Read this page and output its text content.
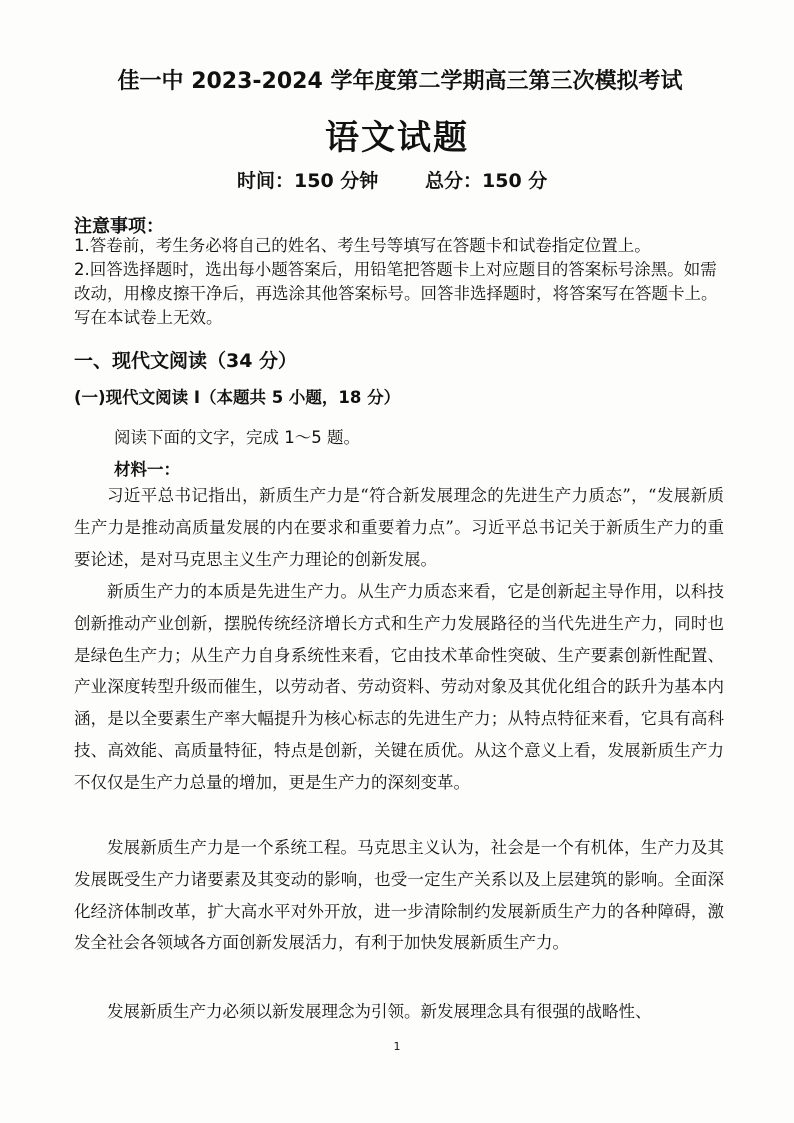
佳一中 2023-2024 学年度第二学期高三第三次模拟考试
语文试题
时间：150 分钟 总分：150 分
注意事项：
1.答卷前，考生务必将自己的姓名、考生号等填写在答题卡和试卷指定位置上。
2.回答选择题时，选出每小题答案后，用铅笔把答题卡上对应题目的答案标号涂黑。如需改动，用橡皮擦干净后，再选涂其他答案标号。回答非选择题时，将答案写在答题卡上。写在本试卷上无效。
一、现代文阅读（34 分）
(一)现代文阅读 I（本题共 5 小题，18 分）
阅读下面的文字，完成 1～5 题。
材料一：
习近平总书记指出，新质生产力是“符合新发展理念的先进生产力质态”，“发展新质生产力是推动高质量发展的内在要求和重要着力点”。习近平总书记关于新质生产力的重要论述，是对马克思主义生产力理论的创新发展。
新质生产力的本质是先进生产力。从生产力质态来看，它是创新起主导作用，以科技创新推动产业创新，摆脱传统经济增长方式和生产力发展路径的当代先进生产力，同时也是绿色生产力；从生产力自身系统性来看，它由技术革命性突破、生产要素创新性配置、产业深度转型升级而催生，以劳动者、劳动资料、劳动对象及其优化组合的跃升为基本内涵，是以全要素生产率大幅提升为核心标志的先进生产力；从特点特征来看，它具有高科技、高效能、高质量特征，特点是创新，关键在质优。从这个意义上看，发展新质生产力不仅仅是生产力总量的增加，更是生产力的深刻变革。
发展新质生产力是一个系统工程。马克思主义认为，社会是一个有机体，生产力及其发展既受生产力诸要素及其变动的影响，也受一定生产关系以及上层建筑的影响。全面深化经济体制改革，扩大高水平对外开放，进一步清除制约发展新质生产力的各种障碍，激发全社会各领域各方面创新发展活力，有利于加快发展新质生产力。
发展新质生产力必须以新发展理念为引领。新发展理念具有很强的战略性、
1
